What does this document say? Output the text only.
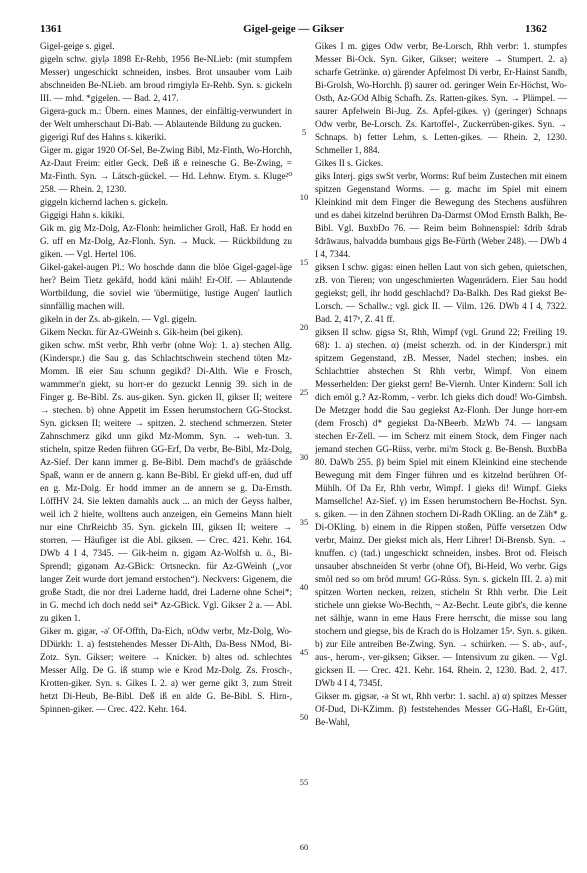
1361	Gigel-geige — Gikser	1362

Gigel-geige s. gigel.

gigeln schw. giyl̦ə 1898 Er-Rehb, 1956 Be-NLieb: (mit stumpfem Messer) ungeschickt schneiden, insbes. Brot unsauber vom Laib abschneiden Be-NLieb. am broud rimgiylə Er-Rehb. Syn. s. gickeln III. — mhd. *gigelen. — Bad. 2, 417.

Gigera-guck m.: Übern. eines Mannes, der einfältig-verwundert in der Welt umherschaut Di-Bab. — Ablautende Bildung zu gucken.

gigerigi Ruf des Hahns s. kikeriki.

Giger m. gigər 1920 Of-Sel, Be-Zwing Bibl, Mz-Finth, Wo-Horchh, Az-Daut Freim: eitler Geck. Deß iß e reinesche G. Be-Zwing, = Mz-Finth. Syn. → Lätsch-gückel. — Hd. Lehnw. Etym. s. Kluge²⁰ 258. — Rhein. 2, 1230.

giggeln kichernd lachen s. gickeln.

Giggigi Hahn s. kikiki.

Gik m. gig Mz-Dolg, Az-Flonh: heimlicher Groll, Haß. Er hodd en G. uff en Mz-Dolg, Az-Flonh. Syn. → Muck. — Rückbildung zu giken. — Vgl. Hertel 106.

Gikel-gakel-augen Pl.: Wo hoschde dann die blöe Gigel-gagel-äge her? Beim Tietz gekäfd, hodd käni mäih! Er-Olf. — Ablautende Wortbildung, die soviel wie 'übermütige, lustige Augen' lautlich sinnfällig machen will.

gikeln in der Zs. ab-gikeln. — Vgl. gigeln.

Gikem Neckn. für Az-GWeinh s. Gik-heim (bei giken).

giken schw. mSt verbr, Rhh verbr (ohne Wo): 1. a) stechen Allg. (Kinderspr.) die Sau g. das Schlachtschwein stechend töten Mz-Momm. Iß eier Sau schunn gegikd? Di-Alth. Wie e Frosch, wammmer'n giekt, su horr-er do gezuckt Lennig 39. sich in de Finger g. Be-Bibl. Zs. aus-giken. Syn. gicken II, gikser II; weitere → stechen. b) ohne Appetit im Essen herumstochern GG-Stockst. Syn. gicksen II; weitere → spitzen. 2. stechend schmerzen. Steter Zahnschmerz gikd unn gikd Mz-Momm. Syn. → weh-tun. 3. sticheln, spitze Reden führen GG-Erf, Da verbr, Be-Bibl, Mz-Dolg, Az-Sief. Der kann immer g. Be-Bibl. Dem machd's de grääschde Spaß, wann er de annern g. kann Be-Bibl. Er giekd uff-en, dud uff en g. Mz-Dolg. Er hodd immer an de annern se g. Da-Ernsth. LöffHV 24. Sie lekten damahls auck ... an mich der Geyss halber, weil ich 2 hielte, wolltens auch anzeigen, ein Gemeins Mann hielt nur eine ChrReichb 35. Syn. gickeln III, giksen II; weitere → storren. — Häufiger ist die Abl. giksen. — Crec. 421. Kehr. 164. DWb 4 I 4, 7345. — Gik-heim n. gigəm Az-Wolfsh u. ö., Bi-Sprendl; gigənəm Az-GBick: Ortsneckn. für Az-GWeinh („vor langer Zeit wurde dort jemand erstochen“). Neckvers: Gigenem, die große Stadt, die nor drei Laderne hadd, drei Laderne ohne Schei*; in G. mechd ich doch nedd sei* Az-GBick. Vgl. Gikser 2 a. — Abl. zu giken 1.

Giker m. gigər, -ə' Of-Offth, Da-Eich, nOdw verbr, Mz-Dolg, Wo-DDürkh: 1. a) feststehendes Messer Di-Alth, Da-Bess NMod, Bi-Zotz. Syn. Gikser; weitere → Knicker. b) altes od. schlechtes Messer Allg. De G. iß stump wie e Krod Mz-Dolg. Zs. Frosch-, Krotten-giker. Syn. s. Gikes I. 2. a) wer gerne gikt 3, zum Streit hetzt Di-Heub, Be-Bibl. Deß iß en alde G. Be-Bibl. S. Hirn-, Spinnen-giker. — Crec. 422. Kehr. 164.

5
10
15
20
25
30
35
40
45
50
55
60

Gikes I m. giges Odw verbr, Be-Lorsch, Rhh verbr: 1. stumpfes Messer Bi-Ock. Syn. Giker, Gikser; weitere → Stumpert. 2. a) scharfe Getränke. α) gärender Apfelmost Di verbr, Er-Hainst Sandb, Bi-Grolsh, Wo-Horchh. β) saurer od. geringer Wein Er-Höchst, Wo-Osth, Az-GOd Albig Schafh. Zs. Ratten-gikes. Syn. → Plämpel. — saurer Apfelwein Bi-Jug. Zs. Apfel-gikes. γ) (geringer) Schnaps Odw verbr, Be-Lorsch. Zs. Kartoffel-, Zuckerrüben-gikes. Syn. → Schnaps. b) fetter Lehm, s. Letten-gikes. — Rhein. 2, 1230. Schmeller 1, 884.

Gikes II s. Gickes.

giks Interj. gigs swSt verbr, Worms: Ruf beim Zustechen mit einem spitzen Gegenstand Worms. — g. machε im Spiel mit einem Kleinkind mit dem Finger die Bewegung des Stechens ausführen und es dabei kitzelnd berühren Da-Darmst OMod Ernsth Balkh, Be-Bibl. Vgl. BuxbDo 76. — Reim beim Bohnenspiel: šdrib šdrab šdrāwaus, balvaddə bumbaus gigs Be-Fürth (Weber 248). — DWb 4 I 4, 7344.

giksen I schw. gigəs: einen hellen Laut von sich geben, quietschen, zB. von Tieren; von ungeschmierten Wagenrädern. Eier Sau hodd gegiekst; gell, ihr hodd geschlachd? Da-Balkh. Des Rad giekst Be-Lorsch. — Schallw.; vgl. gick II. — Vilm. 126. DWb 4 I 4, 7322. Bad. 2, 417ᵇ, Z. 41 ff.

giksen II schw. gigsə St, Rhh, Wimpf (vgl. Grund 22; Freiling 19. 68): 1. a) stechen. α) (meist scherzh. od. in der Kinderspr.) mit spitzem Gegenstand, zB. Messer, Nadel stechen; insbes. ein Schlachttier abstechen St Rhh verbr, Wimpf. Von einem Messerhelden: Der giekst gern! Be-Viernh. Unter Kindern: Soll ich dich emöl g.? Az-Romm, - verbr. Ich gieks dich doud! Wo-Gimbsh. De Metzger hodd die Sau gegiekst Az-Flonh. Der Junge horr-em (dem Frosch) d* gegiekst Da-NBeerb. MzWb 74. — langsam stechen Er-Zell. — im Scherz mit einem Stock, dem Finger nach jemand stechen GG-Rüss, verbr. mi'm Stock g. Be-Bensh. BuxbBa 80. DaWb 255. β) beim Spiel mit einem Kleinkind eine stechende Bewegung mit dem Finger führen und es kitzelnd berühren Of-Mühlh. Of Da Er, Rhh verbr, Wimpf. I gieks di! Wimpf. Gieks Mamsellche! Az-Sief. γ) im Essen herumstochern Be-Hochst. Syn. s. giken. — in den Zähnen stochern Di-Radh OKling. an de Zäh* g. Di-OKling. b) einem in die Rippen stoßen, Püffe versetzen Odw verbr, Mainz. Der giekst mich als, Herr Lihrer! Di-Brensb. Syn. → knuffen. c) (tad.) ungeschickt schneiden, insbes. Brot od. Fleisch unsauber abschneiden St verbr (ohne Of), Bi-Heid, Wo verbr. Gigs smöl ned so om bröd mrum! GG-Rüss. Syn. s. gickeln III. 2. a) mit spitzen Worten necken, reizen, sticheln St Rhh verbr. Die Leit stichele unn giekse Wo-Bechth, ~ Az-Becht. Leute gibt's, die kenne net sälhje, wann in eme Haus Frere herrscht, die misse sou lang stochern und giegse, bis de Krach do is Holzamer 15ᵃ. Syn. s. giken. b) zur Eile antreiben Be-Zwing. Syn. → schürken. — S. ab-, auf-, aus-, herum-, ver-giksen; Gikser. — Intensivum zu giken. — Vgl. gicksen II. — Crec. 421. Kehr. 164. Rhein. 2, 1230. Bad. 2, 417. DWb 4 I 4, 7345f.

Gikser m. gigsər, -ə St wt, Rhh verbr: 1. sachl. a) α) spitzes Messer Of-Dud, Di-KZimm. β) feststehendes Messer GG-Haßl, Er-Gütt, Be-Wahl,
